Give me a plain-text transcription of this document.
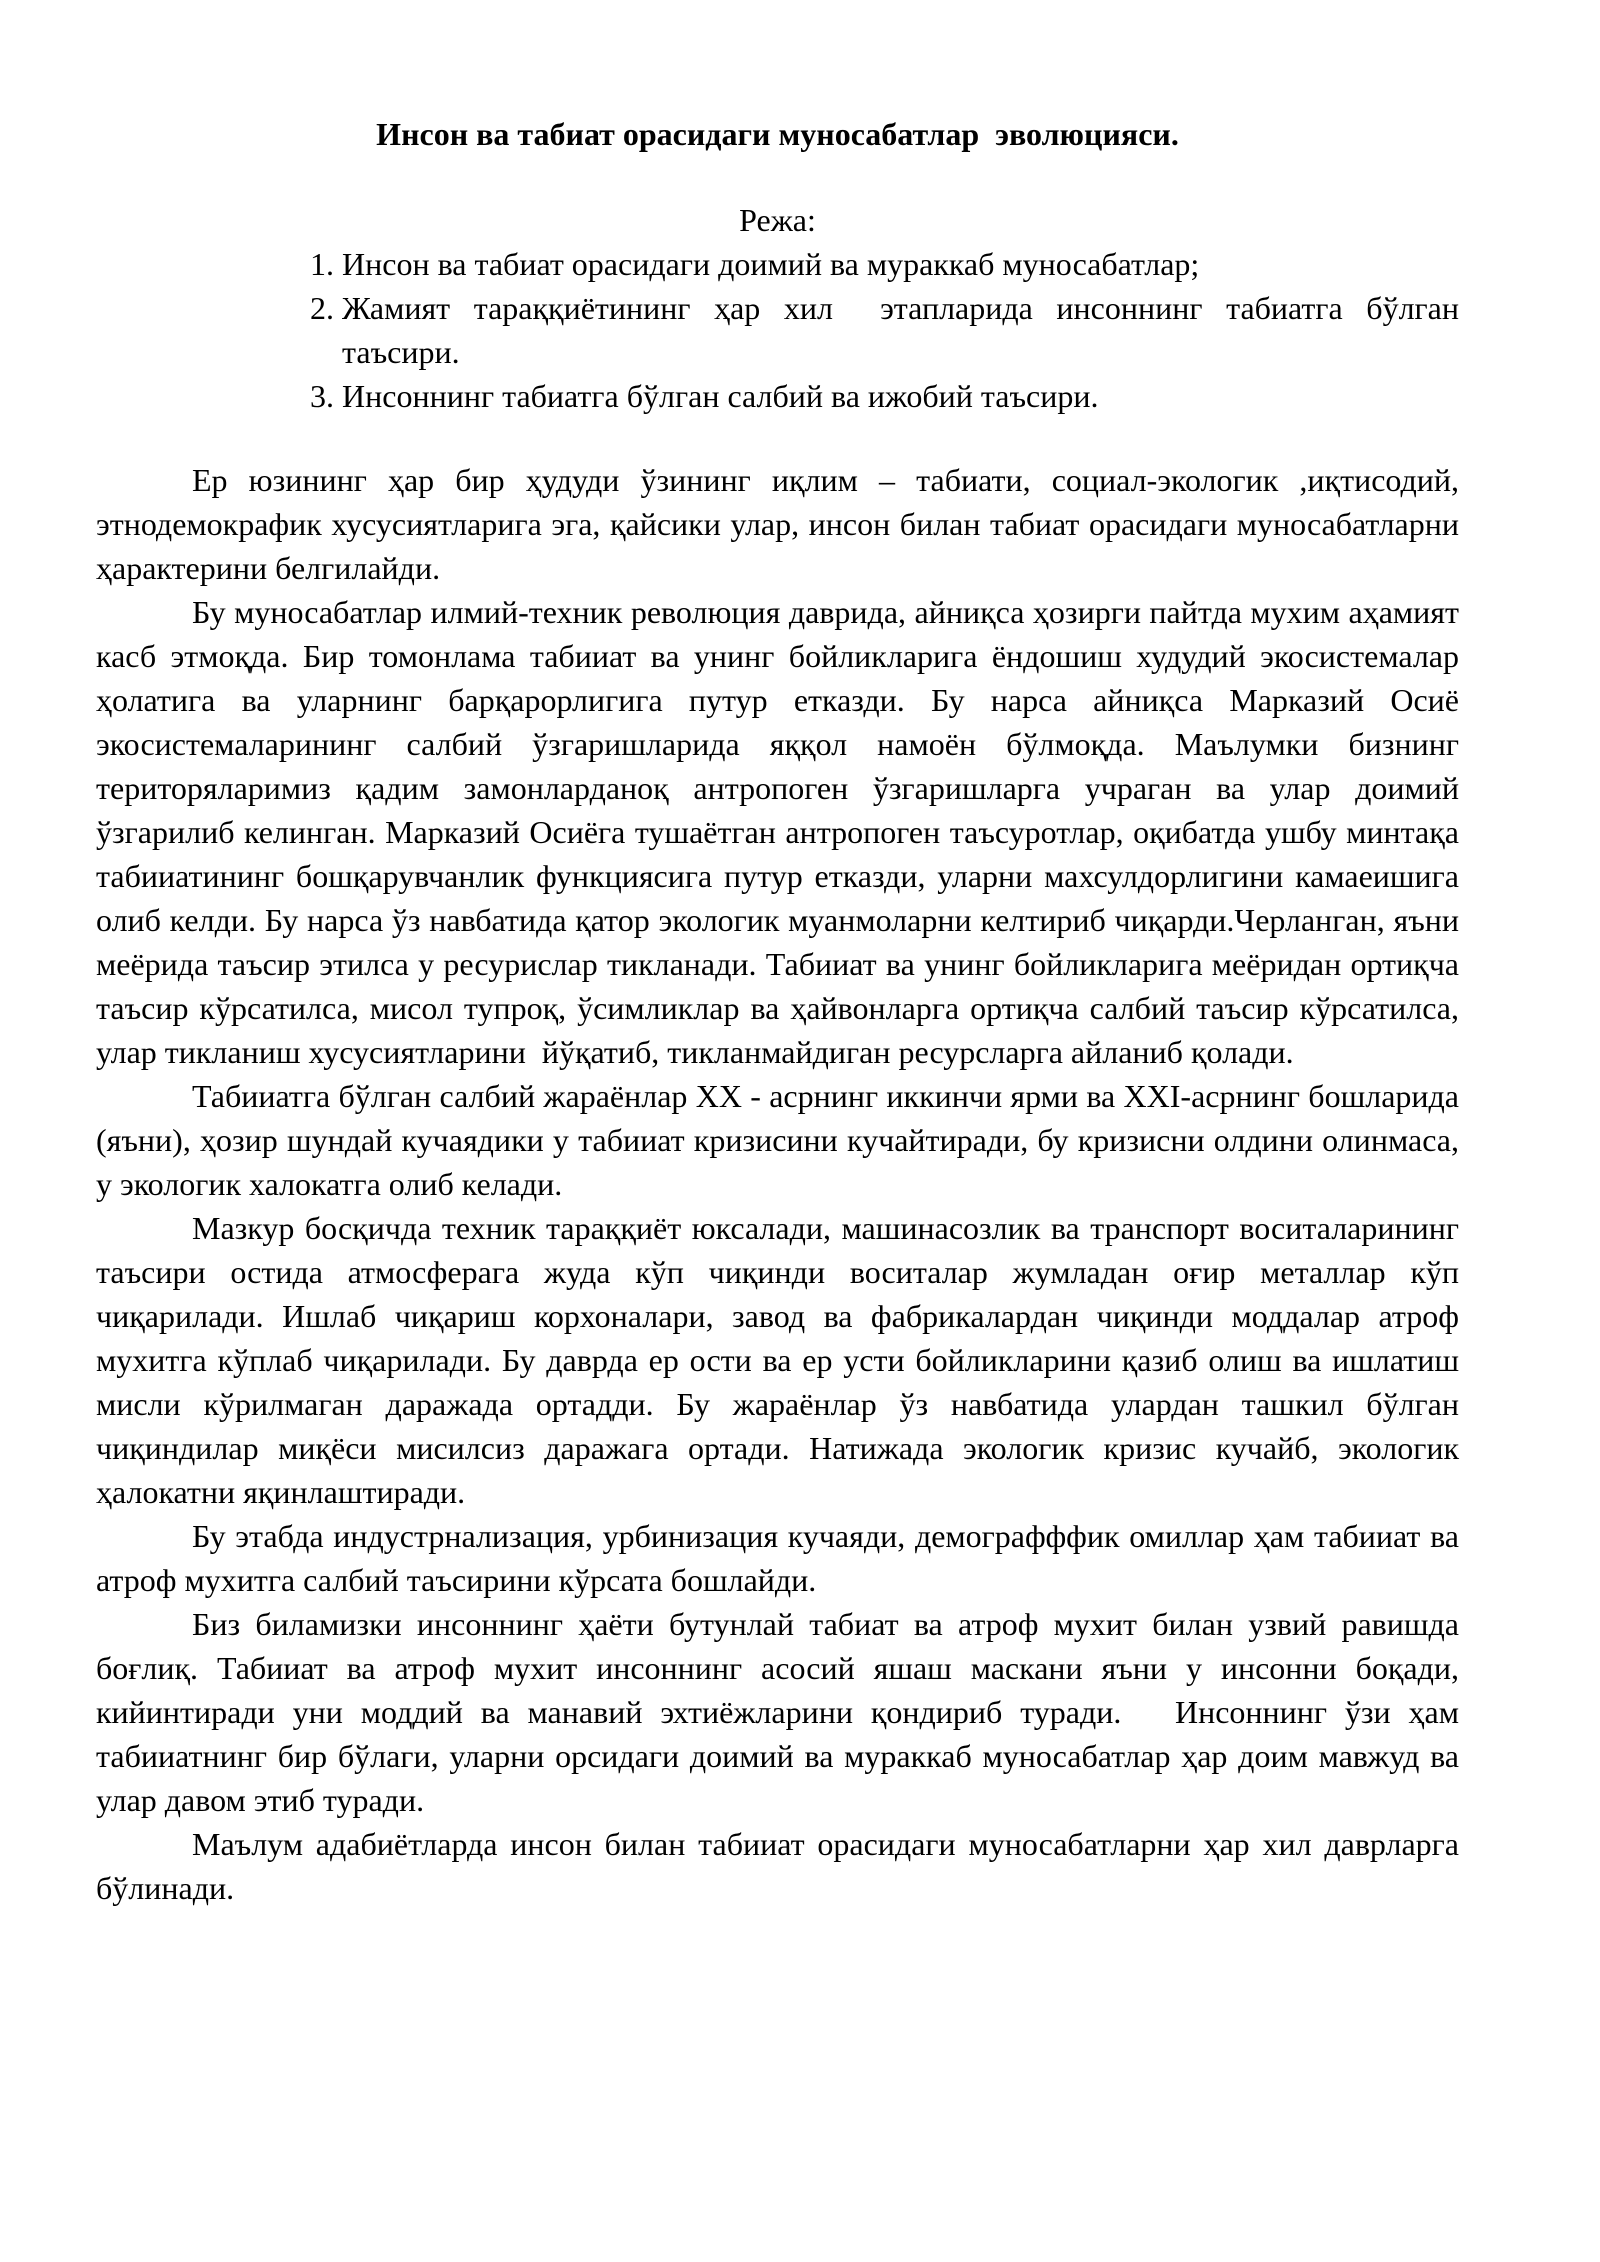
Инсон ва табиат орасидаги муносабатлар  эволюцияси.
Режа:
1. Инсон ва табиат орасидаги доимий ва мураккаб муносабатлар;
2. Жамият тараққиётининг ҳар хил  этапларида инсоннинг табиатга бўлган таъсири.
3. Инсоннинг табиатга бўлган салбий ва ижобий таъсири.

Ер юзининг ҳар бир ҳудуди ўзининг иқлим – табиати, социал-экологик ,иқтисодий, этнодемокрафик хусусиятларига эга, қайсики улар, инсон билан табиат орасидаги муносабатларни ҳарактерини белгилайди.

Бу муносабатлар илмий-техник революция даврида, айниқса ҳозирги пайтда мухим аҳамият касб этмоқда. Бир томонлама табииат ва унинг бойликларига ёндошиш худудий экосистемалар ҳолатига ва уларнинг барқарорлигига путур етказди. Бу нарса айниқса Марказий Осиё экосистемаларининг салбий ўзгаришларида яққол намоён бўлмоқда. Маълумки бизнинг територяларимиз қадим замонларданоқ антропоген ўзгаришларга учраган ва улар доимий ўзгарилиб келинган. Марказий Осиёга тушаётган антропоген таъсуротлар, оқибатда ушбу минтақа табииатининг бошқарувчанлик функциясига путур етказди, уларни махсулдорлигини камаеишига олиб келди. Бу нарса ўз навбатида қатор экологик муанмоларни келтириб чиқарди.Черланган, яъни меёрида таъсир этилса у ресурислар тикланади. Табииат ва унинг бойликларига меёридан ортиқча таъсир кўрсатилса, мисол тупроқ, ўсимликлар ва ҳайвонларга ортиқча салбий таъсир кўрсатилса, улар тикланиш хусусиятларини  йўқатиб, тикланмайдиган ресурсларга айланиб қолади.

Табииатга бўлган салбий жараёнлар XX - асрнинг иккинчи ярми ва XXI-асрнинг бошларида (яъни), ҳозир шундай кучаядики у табииат кризисини кучайтиради, бу кризисни олдини олинмаса, у экологик халокатга олиб келади.

Мазкур босқичда техник тараққиёт юксалади, машинасозлик ва транспорт воситаларининг таъсири остида атмосферага жуда кўп чиқинди воситалар жумладан оғир металлар кўп чиқарилади. Ишлаб чиқариш корхоналари, завод ва фабрикалардан чиқинди моддалар атроф мухитга кўплаб чиқарилади. Бу даврда ер ости ва ер усти бойликларини қазиб олиш ва ишлатиш мисли кўрилмаган даражада ортадди. Бу жараёнлар ўз навбатида улардан ташкил бўлган чиқиндилар миқёси мисилсиз даражага ортади. Натижада экологик кризис кучайб, экологик ҳалокатни яқинлаштиради.

Бу этабда индустрнализация, урбинизация кучаяди, демографффик омиллар ҳам табииат ва атроф мухитга салбий таъсирини кўрсата бошлайди.

Биз биламизки инсоннинг ҳаёти бутунлай табиат ва атроф мухит билан узвий равишда боғлиқ. Табииат ва атроф мухит инсоннинг асосий яшаш маскани яъни у инсонни боқади, кийинтиради уни моддий ва манавий эхтиёжларини қондириб туради.   Инсоннинг ўзи ҳам табииатнинг бир бўлаги, уларни орсидаги доимий ва мураккаб муносабатлар ҳар доим мавжуд ва улар давом этиб туради.

Маълум адабиётларда инсон билан табииат орасидаги муносабатларни ҳар хил даврларга бўлинади.
